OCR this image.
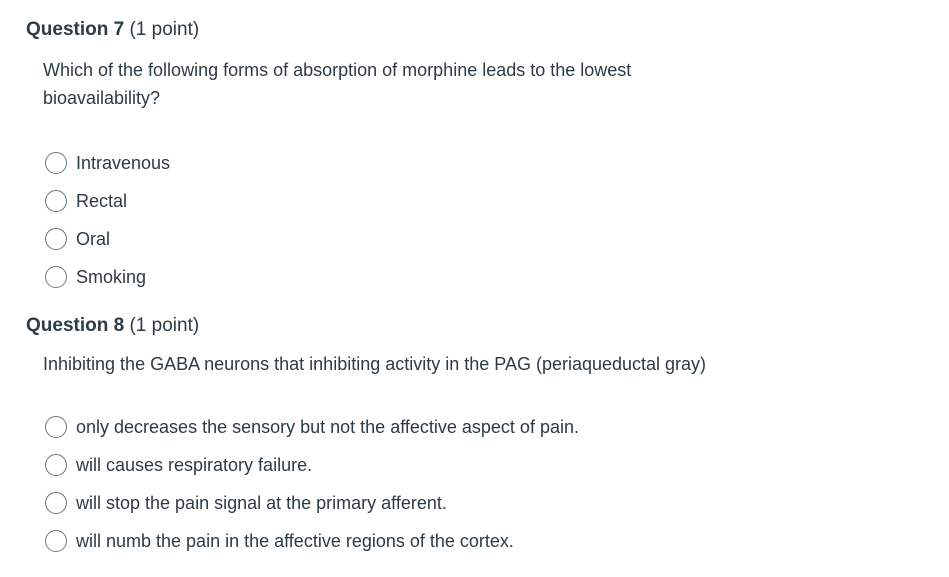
Question 7 (1 point)
Which of the following forms of absorption of morphine leads to the lowest bioavailability?
Intravenous
Rectal
Oral
Smoking
Question 8 (1 point)
Inhibiting the GABA neurons that inhibiting activity in the PAG (periaqueductal gray)
only decreases the sensory but not the affective aspect of pain.
will causes respiratory failure.
will stop the pain signal at the primary afferent.
will numb the pain in the affective regions of the cortex.
